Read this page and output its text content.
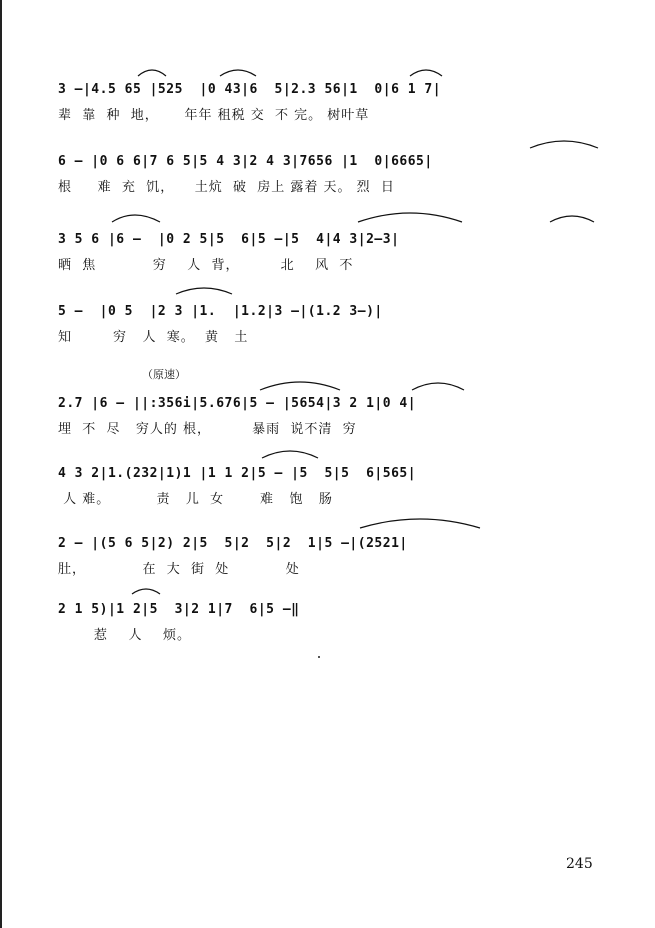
3 —|4.5 65 |525  |0 43|6  5|2.3 56|1  0|6 1 7|
辈  靠  种  地，     年年 租税 交  不 完。 树叶草
6 — |0 6 6|7 6 5|5 4 3|2 4 3|7656 |1  0|6665|
根     难  充  饥，    土炕  破  房上 露着 天。 烈  日
3 5 6 |6 —  |0 2 5|5  6|5 —|5  4|4 3|2—3|
晒  焦           穷    人  背，        北    风  不
5 —  |0 5  |2 3 |1.  |1.2|3 —|(1.2 3—)|
知        穷   人  寒。  黄   土
（原速）
2.7 |6 — ||:356i|5.676|5 — |5654|3 2 1|0 4|
埋  不  尽   穷人的 根，        暴雨  说不清  穷
4 3 2|1.(232|1)1 |1 1 2|5 — |5  5|5  6|565|
人 难。         责   儿  女       难   饱   肠
2 — |(5 6 5|2) 2|5  5|2  5|2  1|5 —|(2521|
肚，           在  大  街  处           处
2 1 5)|1 2|5  3|2 1|7  6|5 —‖
惹    人    烦。
245
